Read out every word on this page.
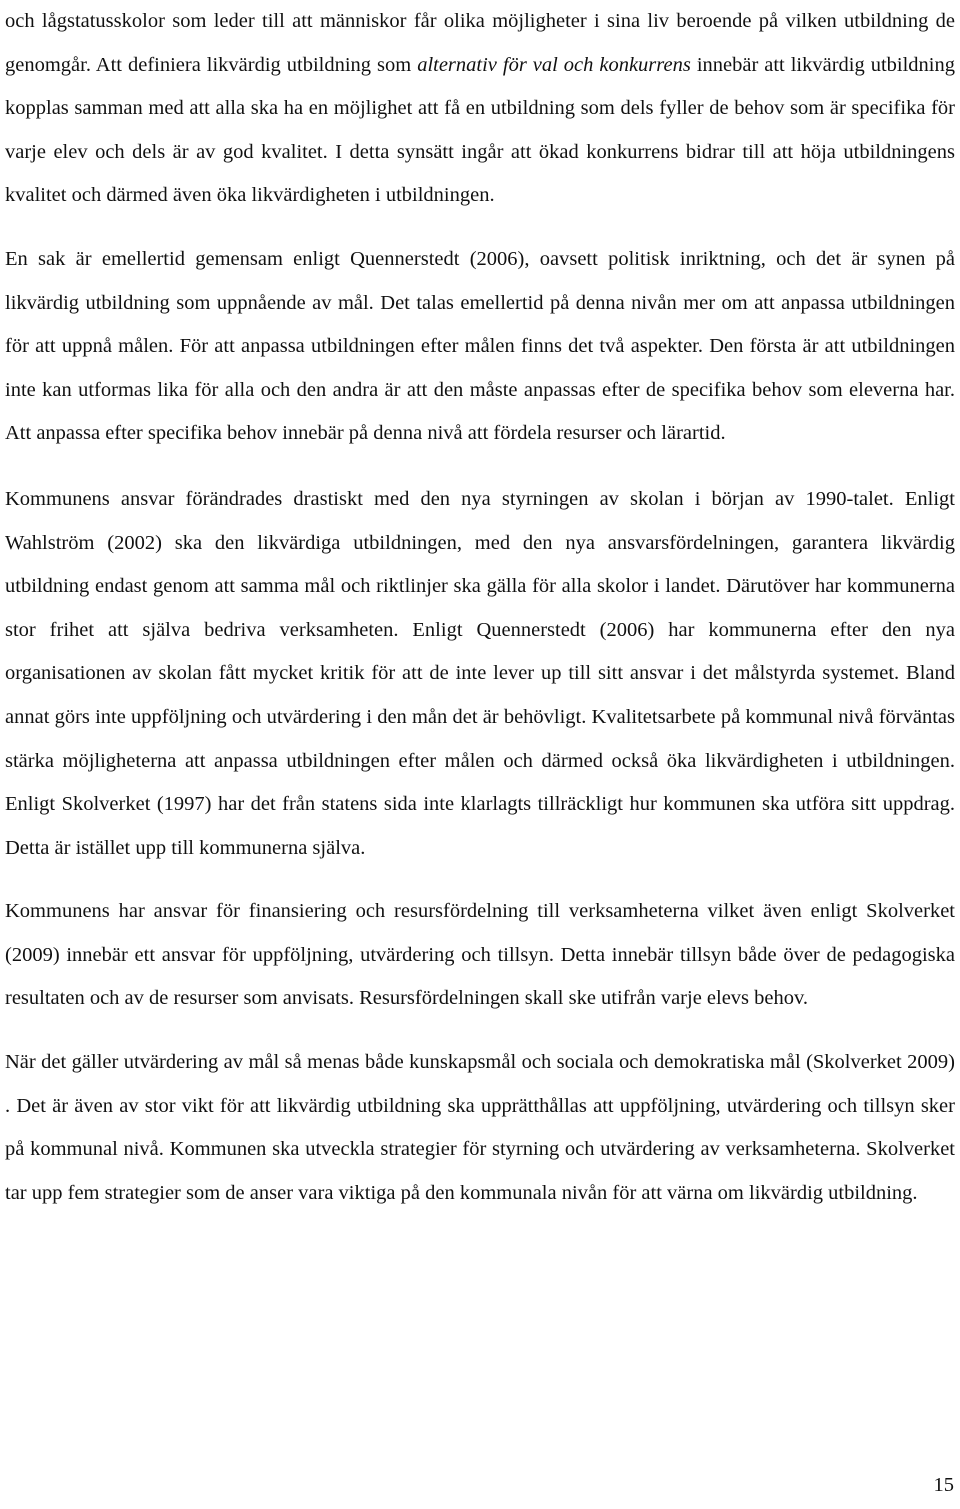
och lågstatusskolor som leder till att människor får olika möjligheter i sina liv beroende på vilken utbildning de genomgår. Att definiera likvärdig utbildning som alternativ för val och konkurrens innebär att likvärdig utbildning kopplas samman med att alla ska ha en möjlighet att få en utbildning som dels fyller de behov som är specifika för varje elev och dels är av god kvalitet. I detta synsätt ingår att ökad konkurrens bidrar till att höja utbildningens kvalitet och därmed även öka likvärdigheten i utbildningen.

En sak är emellertid gemensam enligt Quennerstedt (2006), oavsett politisk inriktning, och det är synen på likvärdig utbildning som uppnående av mål. Det talas emellertid på denna nivån mer om att anpassa utbildningen för att uppnå målen. För att anpassa utbildningen efter målen finns det två aspekter. Den första är att utbildningen inte kan utformas lika för alla och den andra är att den måste anpassas efter de specifika behov som eleverna har. Att anpassa efter specifika behov innebär på denna nivå att fördela resurser och lärartid.

Kommunens ansvar förändrades drastiskt med den nya styrningen av skolan i början av 1990-talet. Enligt Wahlström (2002) ska den likvärdiga utbildningen, med den nya ansvarsfördelningen, garantera likvärdig utbildning endast genom att samma mål och riktlinjer ska gälla för alla skolor i landet. Därutöver har kommunerna stor frihet att själva bedriva verksamheten. Enligt Quennerstedt (2006) har kommunerna efter den nya organisationen av skolan fått mycket kritik för att de inte lever up till sitt ansvar i det målstyrda systemet. Bland annat görs inte uppföljning och utvärdering i den mån det är behövligt. Kvalitetsarbete på kommunal nivå förväntas stärka möjligheterna att anpassa utbildningen efter målen och därmed också öka likvärdigheten i utbildningen. Enligt Skolverket (1997) har det från statens sida inte klarlagts tillräckligt hur kommunen ska utföra sitt uppdrag. Detta är istället upp till kommunerna själva.

Kommunens har ansvar för finansiering och resursfördelning till verksamheterna vilket även enligt Skolverket (2009) innebär ett ansvar för uppföljning, utvärdering och tillsyn. Detta innebär tillsyn både över de pedagogiska resultaten och av de resurser som anvisats. Resursfördelningen skall ske utifrån varje elevs behov.

När det gäller utvärdering av mål så menas både kunskapsmål och sociala och demokratiska mål (Skolverket 2009) . Det är även av stor vikt för att likvärdig utbildning ska upprätthållas att uppföljning, utvärdering och tillsyn sker på kommunal nivå. Kommunen ska utveckla strategier för styrning och utvärdering av verksamheterna. Skolverket tar upp fem strategier som de anser vara viktiga på den kommunala nivån för att värna om likvärdig utbildning.

15
